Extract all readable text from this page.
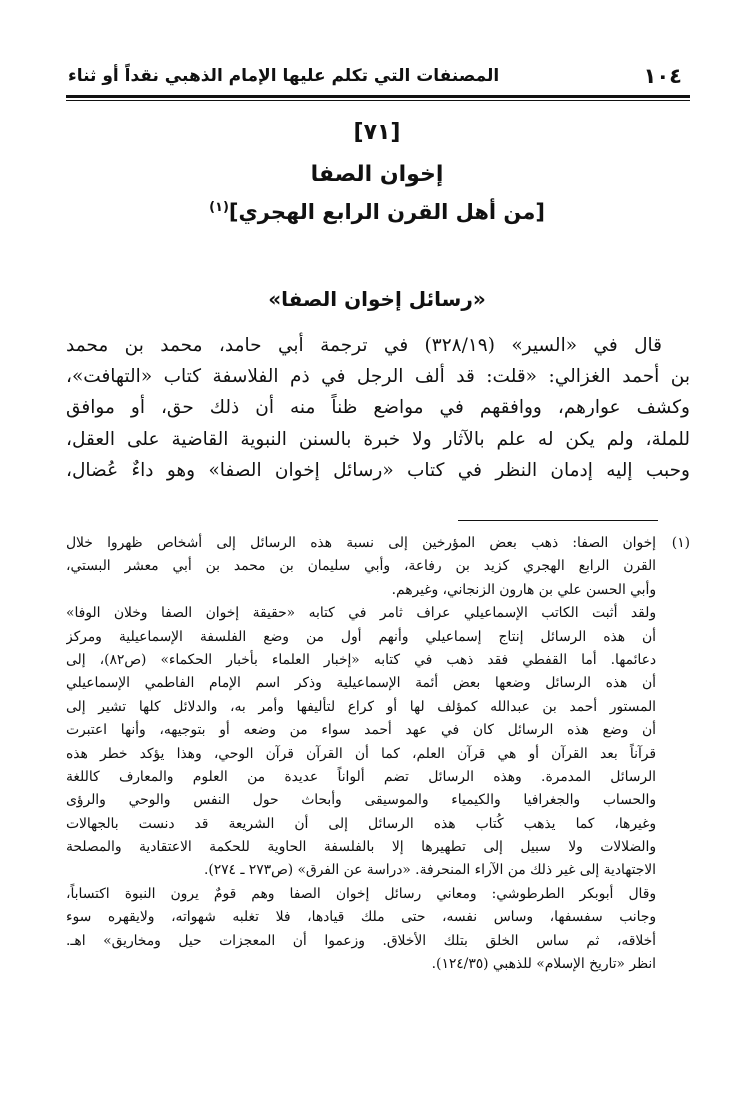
١٠٤
المصنفات التي تكلم عليها الإمام الذهبي نقداً أو ثناء
[٧١]
إخوان الصفا
[من أهل القرن الرابع الهجري]$^{(١)}$
«رسائل إخوان الصفا»
قال في «السير» (٣٢٨/١٩) في ترجمة أبي حامد، محمد بن محمد
بن أحمد الغزالي: «قلت: قد ألف الرجل في ذم الفلاسفة كتاب «التهافت»،
وكشف عوارهم، ووافقهم في مواضع ظناً منه أن ذلك حق، أو موافق
للملة، ولم يكن له علم بالآثار ولا خبرة بالسنن النبوية القاضية على العقل،
وحبب إليه إدمان النظر في كتاب «رسائل إخوان الصفا» وهو داءٌ عُضال،
(١)
إخوان الصفا: ذهب بعض المؤرخين إلى نسبة هذه الرسائل إلى أشخاص ظهروا خلال
القرن الرابع الهجري كزيد بن رفاعة، وأبي سليمان بن محمد بن أبي معشر البستي،
وأبي الحسن علي بن هارون الزنجاني، وغيرهم.
ولقد أثبت الكاتب الإسماعيلي عراف ثامر في كتابه «حقيقة إخوان الصفا وخلان الوفا»
أن هذه الرسائل إنتاج إسماعيلي وأنهم أول من وضع الفلسفة الإسماعيلية ومركز
دعائمها. أما القفطي فقد ذهب في كتابه «إخبار العلماء بأخبار الحكماء» (ص٨٢)، إلى
أن هذه الرسائل وضعها بعض أئمة الإسماعيلية وذكر اسم الإمام الفاطمي الإسماعيلي
المستور أحمد بن عبدالله كمؤلف لها أو كراع لتأليفها وأمر به، والدلائل كلها تشير إلى
أن وضع هذه الرسائل كان في عهد أحمد سواء من وضعه أو بتوجيهه، وأنها اعتبرت
قرآناً بعد القرآن أو هي قرآن العلم، كما أن القرآن قرآن الوحي، وهذا يؤكد خطر هذه
الرسائل المدمرة. وهذه الرسائل تضم ألواناً عديدة من العلوم والمعارف كاللغة
والحساب والجغرافيا والكيمياء والموسيقى وأبحاث حول النفس والوحي والرؤى
وغيرها، كما يذهب كُتاب هذه الرسائل إلى أن الشريعة قد دنست بالجهالات
والضلالات ولا سبيل إلى تطهيرها إلا بالفلسفة الحاوية للحكمة الاعتقادية والمصلحة
الاجتهادية إلى غير ذلك من الآراء المنحرفة. «دراسة عن الفرق» (ص٢٧٣ ـ ٢٧٤).
وقال أبوبكر الطرطوشي: ومعاني رسائل إخوان الصفا وهم قومٌ يرون النبوة اكتساباً،
وجانب سفسفها، وساس نفسه، حتى ملك قيادها، فلا تغلبه شهواته، ولايقهره سوء
أخلاقه، ثم ساس الخلق بتلك الأخلاق. وزعموا أن المعجزات حيل ومخاريق» اهـ.
انظر «تاريخ الإسلام» للذهبي (١٢٤/٣٥).
